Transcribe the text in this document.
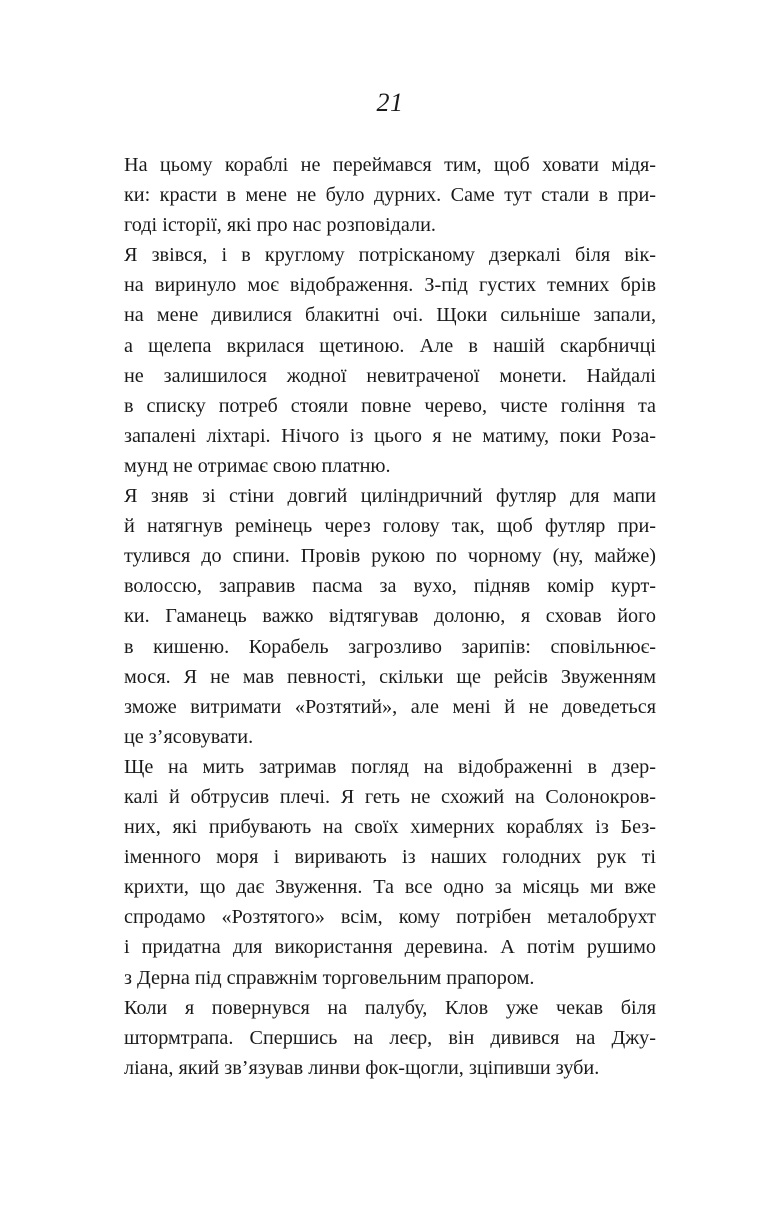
21

На цьому кораблі не переймався тим, щоб ховати мідя-
ки: красти в мене не було дурних. Саме тут стали в при-
годі історії, які про нас розповідали.

Я звівся, і в круглому потрісканому дзеркалі біля вік-
на виринуло моє відображення. З-під густих темних брів
на мене дивилися блакитні очі. Щоки сильніше запали,
а щелепа вкрилася щетиною. Але в нашій скарбничці
не залишилося жодної невитраченої монети. Найдалі
в списку потреб стояли повне черево, чисте гоління та
запалені ліхтарі. Нічого із цього я не матиму, поки Роза-
мунд не отримає свою платню.

Я зняв зі стіни довгий циліндричний футляр для мапи
й натягнув ремінець через голову так, щоб футляр при-
тулився до спини. Провів рукою по чорному (ну, майже)
волоссю, заправив пасма за вухо, підняв комір курт-
ки. Гаманець важко відтягував долоню, я сховав його
в кишеню. Корабель загрозливо зарипів: сповільнює-
мося. Я не мав певності, скільки ще рейсів Звуженням
зможе витримати «Розтятий», але мені й не доведеться
це з’ясовувати.

Ще на мить затримав погляд на відображенні в дзер-
калі й обтрусив плечі. Я геть не схожий на Солонокров-
них, які прибувають на своїх химерних кораблях із Без-
іменного моря і виривають із наших голодних рук ті
крихти, що дає Звуження. Та все одно за місяць ми вже
спродамо «Розтятого» всім, кому потрібен металобрухт
і придатна для використання деревина. А потім рушимо
з Дерна під справжнім торговельним прапором.

Коли я повернувся на палубу, Клов уже чекав біля
штормтрапа. Спершись на леєр, він дивився на Джу-
ліана, який зв’язував линви фок-щогли, зціпивши зуби.
